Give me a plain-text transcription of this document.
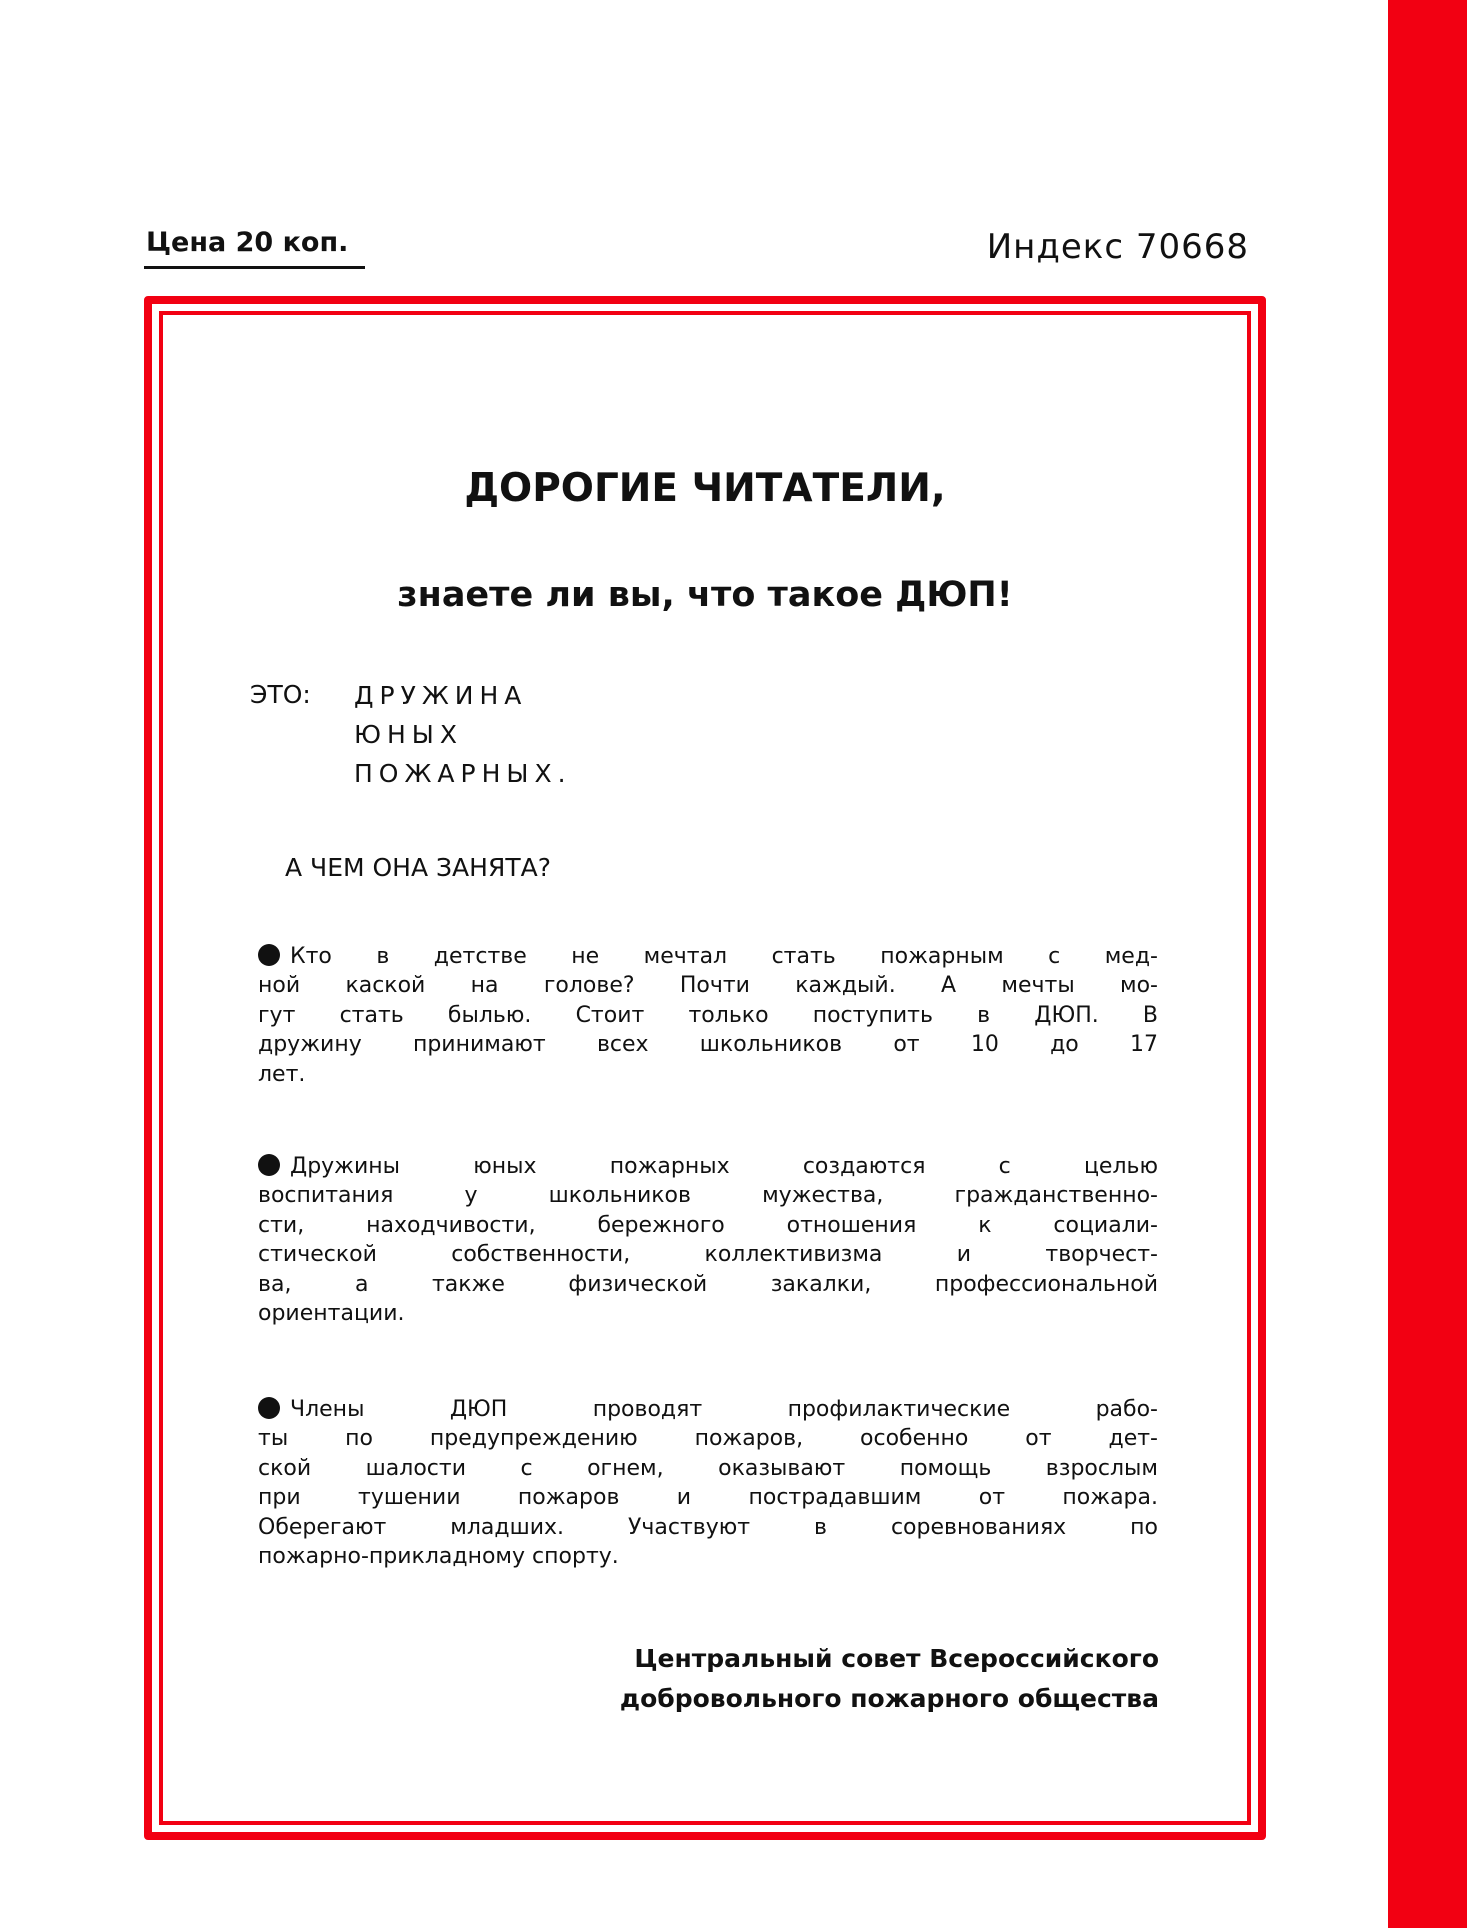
Цена 20 коп.	Индекс 70668
ДОРОГИЕ ЧИТАТЕЛИ,
знаете ли вы, что такое ДЮП!
ЭТО: ДРУЖИНА
ЮНЫХ
ПОЖАРНЫХ.
А ЧЕМ ОНА ЗАНЯТА?
Кто в детстве не мечтал стать пожарным с мед-
ной каской на голове? Почти каждый. А мечты мо-
гут стать былью. Стоит только поступить в ДЮП. В
дружину принимают всех школьников от 10 до 17
лет.
Дружины юных пожарных создаются с целью
воспитания у школьников мужества, гражданственно-
сти, находчивости, бережного отношения к социали-
стической собственности, коллективизма и творчест-
ва, а также физической закалки, профессиональной
ориентации.
Члены ДЮП проводят профилактические рабо-
ты по предупреждению пожаров, особенно от дет-
ской шалости с огнем, оказывают помощь взрослым
при тушении пожаров и пострадавшим от пожара.
Оберегают младших. Участвуют в соревнованиях по
пожарно-прикладному спорту.
Центральный совет Всероссийского
добровольного пожарного общества
